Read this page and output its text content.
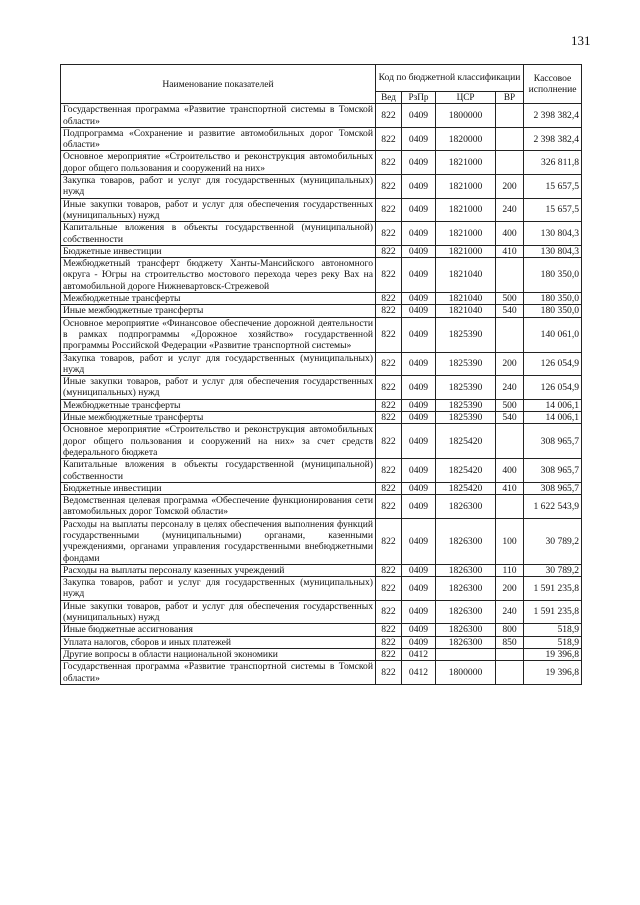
131
Наименование показателей	Код по бюджетной классификации				Кассовое исполнение
	Вед	РзПр	ЦСР	ВР	
Государственная программа «Развитие транспортной системы в Томской области»	822	0409	1800000		2 398 382,4
Подпрограмма «Сохранение и развитие автомобильных дорог Томской области»	822	0409	1820000		2 398 382,4
Основное мероприятие «Строительство и реконструкция автомобильных дорог общего пользования и сооружений на них»	822	0409	1821000		326 811,8
Закупка товаров, работ и услуг для государственных (муниципальных) нужд	822	0409	1821000	200	15 657,5
Иные закупки товаров, работ и услуг для обеспечения государственных (муниципальных) нужд	822	0409	1821000	240	15 657,5
Капитальные вложения в объекты государственной (муниципальной) собственности	822	0409	1821000	400	130 804,3
Бюджетные инвестиции	822	0409	1821000	410	130 804,3
Межбюджетный трансферт бюджету Ханты-Мансийского автономного округа - Югры на строительство мостового перехода через реку Вах на автомобильной дороге Нижневартовск-Стрежевой	822	0409	1821040		180 350,0
Межбюджетные трансферты	822	0409	1821040	500	180 350,0
Иные межбюджетные трансферты	822	0409	1821040	540	180 350,0
Основное мероприятие «Финансовое обеспечение дорожной деятельности в рамках подпрограммы «Дорожное хозяйство» государственной программы Российской Федерации «Развитие транспортной системы»	822	0409	1825390		140 061,0
Закупка товаров, работ и услуг для государственных (муниципальных) нужд	822	0409	1825390	200	126 054,9
Иные закупки товаров, работ и услуг для обеспечения государственных (муниципальных) нужд	822	0409	1825390	240	126 054,9
Межбюджетные трансферты	822	0409	1825390	500	14 006,1
Иные межбюджетные трансферты	822	0409	1825390	540	14 006,1
Основное мероприятие «Строительство и реконструкция автомобильных дорог общего пользования и сооружений на них» за счет средств федерального бюджета	822	0409	1825420		308 965,7
Капитальные вложения в объекты государственной (муниципальной) собственности	822	0409	1825420	400	308 965,7
Бюджетные инвестиции	822	0409	1825420	410	308 965,7
Ведомственная целевая программа «Обеспечение функционирования сети автомобильных дорог Томской области»	822	0409	1826300		1 622 543,9
Расходы на выплаты персоналу в целях обеспечения выполнения функций государственными (муниципальными) органами, казенными учреждениями, органами управления государственными внебюджетными фондами	822	0409	1826300	100	30 789,2
Расходы на выплаты персоналу казенных учреждений	822	0409	1826300	110	30 789,2
Закупка товаров, работ и услуг для государственных (муниципальных) нужд	822	0409	1826300	200	1 591 235,8
Иные закупки товаров, работ и услуг для обеспечения государственных (муниципальных) нужд	822	0409	1826300	240	1 591 235,8
Иные бюджетные ассигнования	822	0409	1826300	800	518,9
Уплата налогов, сборов и иных платежей	822	0409	1826300	850	518,9
Другие вопросы в области национальной экономики	822	0412			19 396,8
Государственная программа «Развитие транспортной системы в Томской области»	822	0412	1800000		19 396,8
